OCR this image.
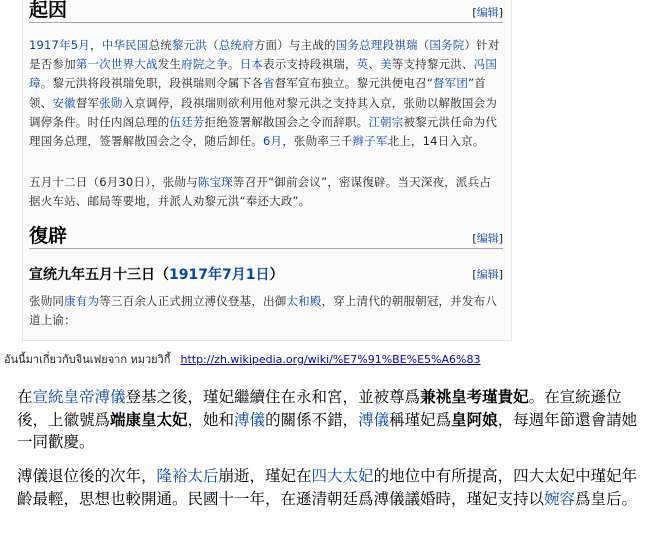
起因	[编辑]
1917年5月，中华民国总统黎元洪（总统府方面）与主战的国务总理段祺瑞（国务院）针对是否参加第一次世界大战发生府院之争。日本表示支持段祺瑞，英、美等支持黎元洪、冯国璋。黎元洪将段祺瑞免职，段祺瑞则令属下各省督军宣布独立。黎元洪便电召“督军团”首领、安徽督军张勋入京调停，段祺瑞则欲利用他对黎元洪之支持其入京，张勋以解散国会为调停条件。时任内阁总理的伍廷芳拒绝签署解散国会之令而辞职。江朝宗被黎元洪任命为代理国务总理，签署解散国会之令，随后卸任。6月，张勋率三千辫子军北上，14日入京。
五月十二日（6月30日），张勋与陈宝琛等召开“御前会议”，密谋復辟。当天深夜，派兵占据火车站、邮局等要地，并派人劝黎元洪“奉还大政”。
復辟	[编辑]
宣统九年五月十三日（1917年7月1日）	[编辑]
张勋同康有为等三百余人正式拥立溥仪登基，出御太和殿，穿上清代的朝服朝冠，并发布八道上谕：
อันนี้มาเกี่ยวกับจินเฟยจาก หมวยวิกี้ http://zh.wikipedia.org/wiki/%E7%91%BE%E5%A6%83
在宣統皇帝溥儀登基之後，瑾妃繼續住在永和宮，並被尊爲兼祧皇考瑾貴妃。在宣統遜位後，上徽號爲端康皇太妃，她和溥儀的關係不錯，溥儀稱瑾妃爲皇阿娘，每週年節還會請她一同歡慶。
溥儀退位後的次年，隆裕太后崩逝，瑾妃在四大太妃的地位中有所提高，四大太妃中瑾妃年齡最輕，思想也較開通。民國十一年，在遜清朝廷爲溥儀議婚時，瑾妃支持以婉容爲皇后。
